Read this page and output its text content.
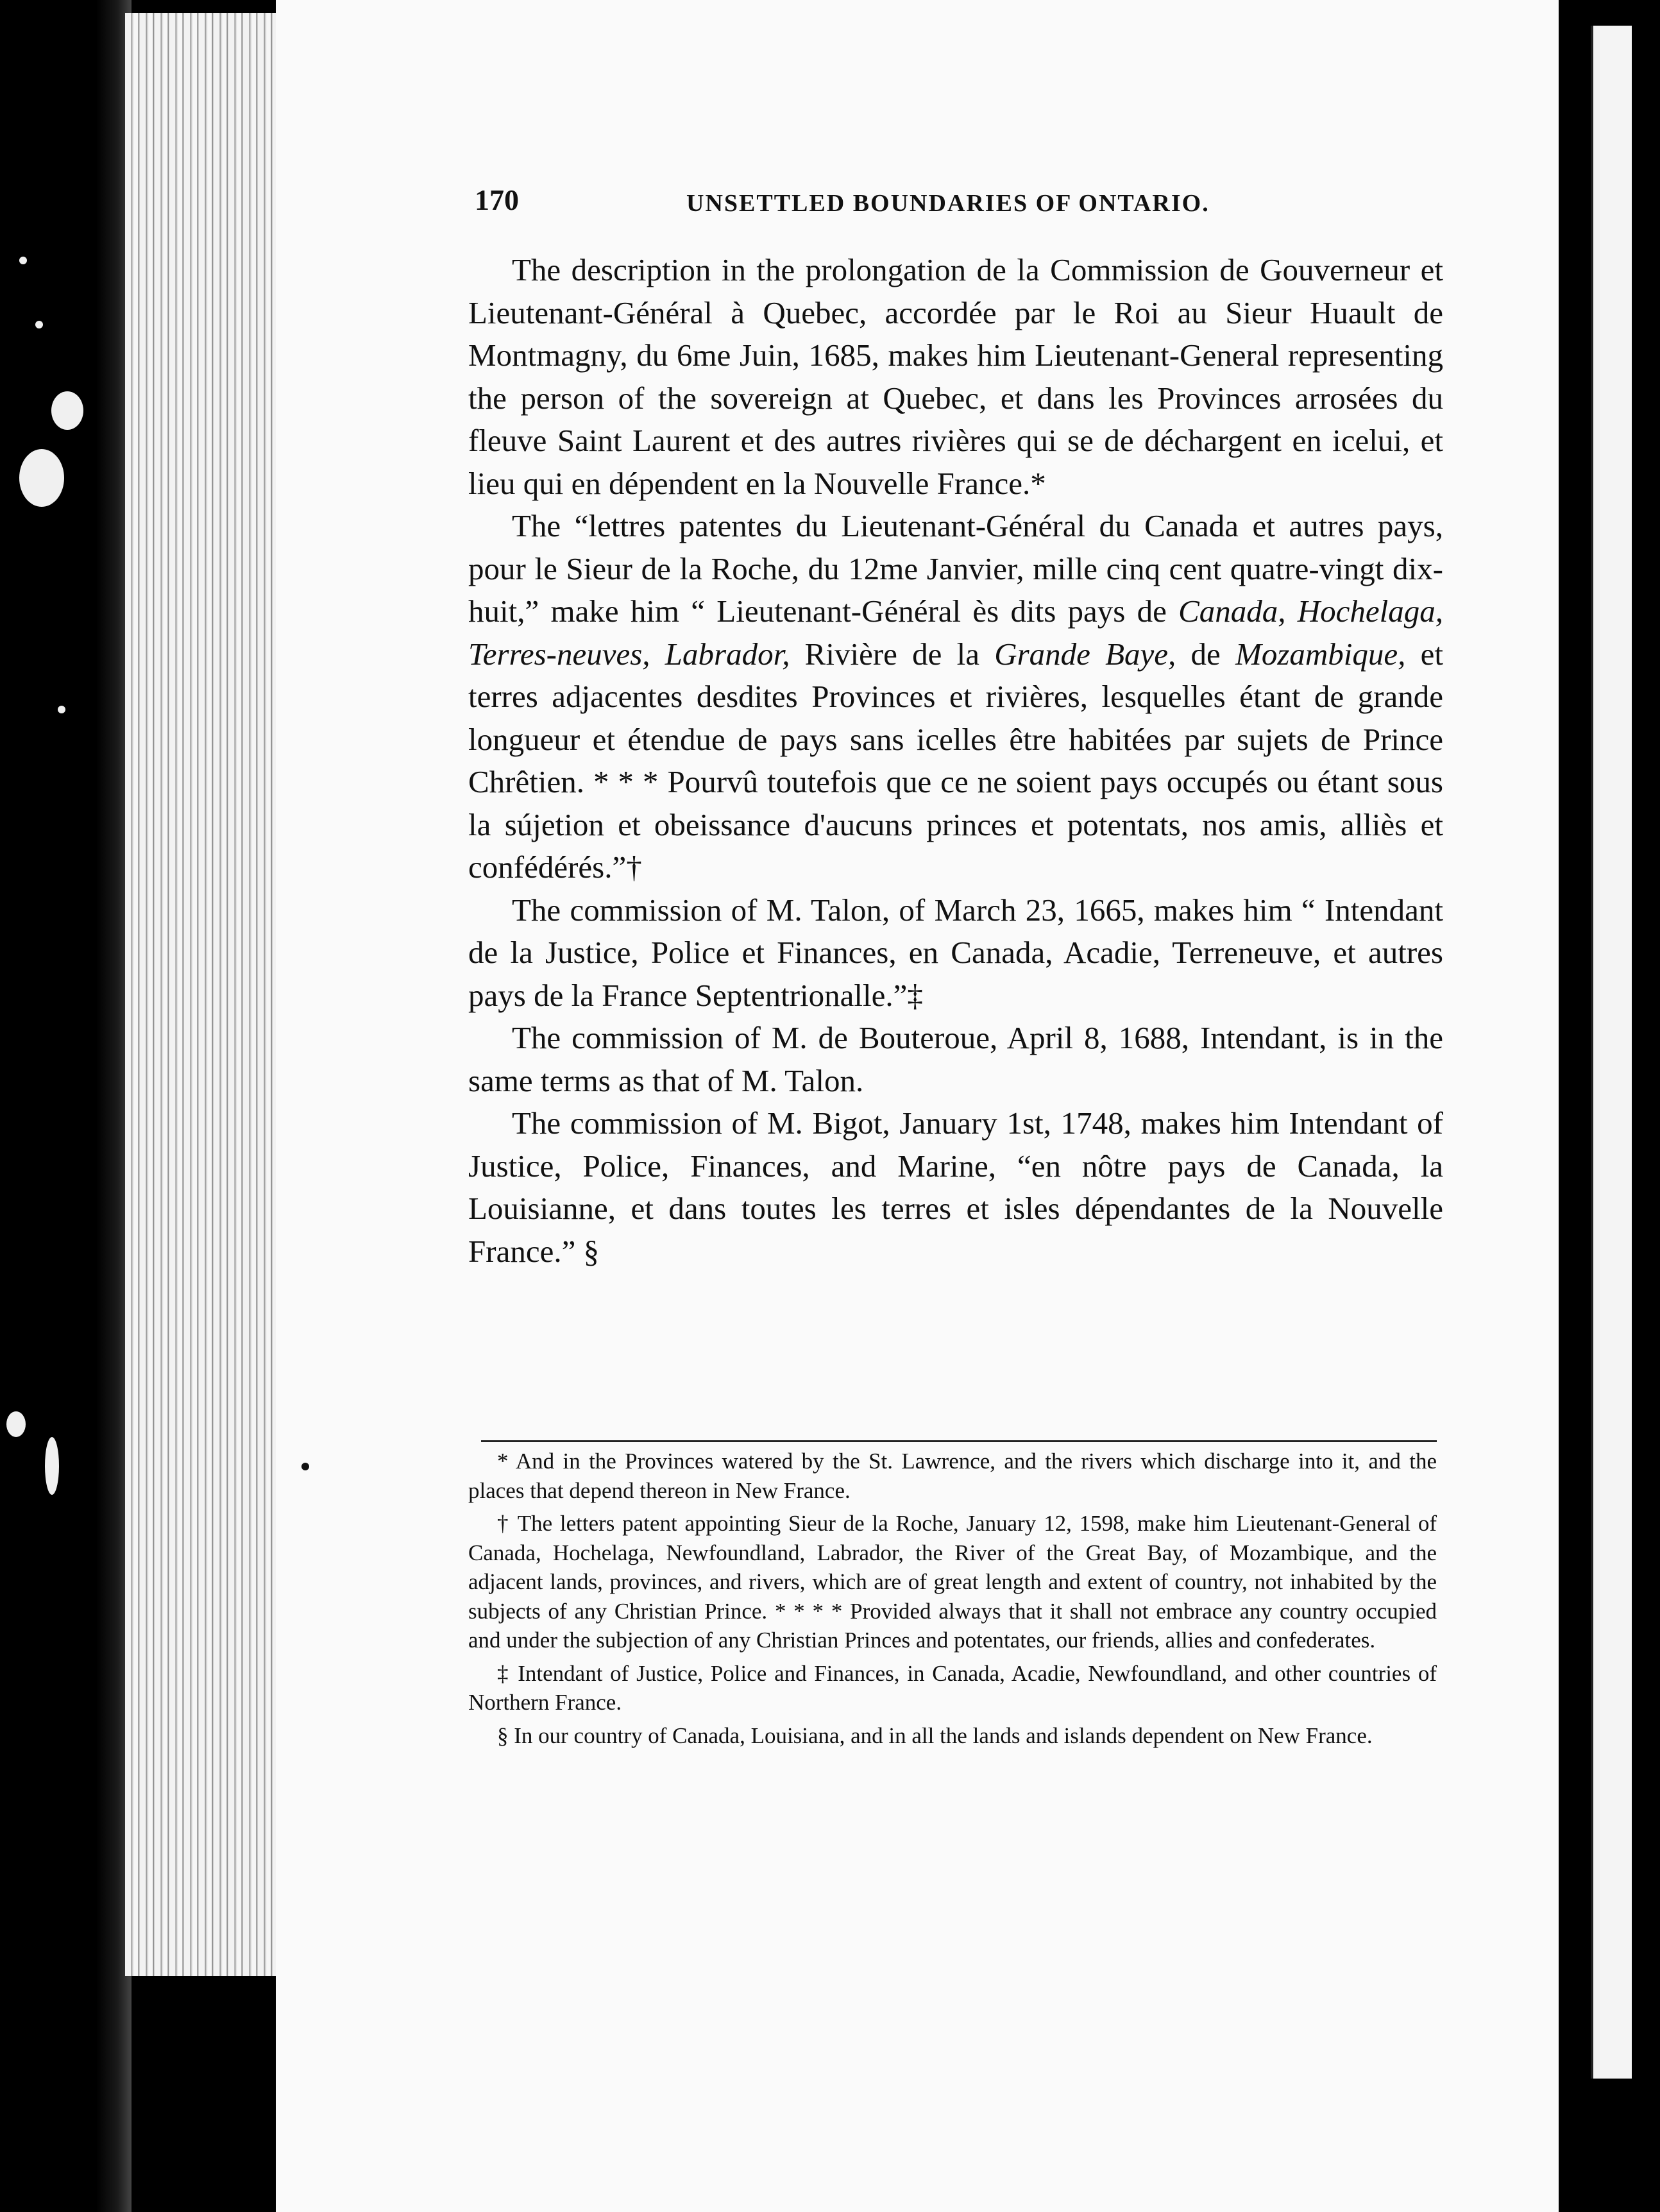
170	UNSETTLED BOUNDARIES OF ONTARIO.

The description in the prolongation de la Commission de Gouverneur et Lieutenant-Général à Quebec, accordée par le Roi au Sieur Huault de Montmagny, du 6me Juin, 1685, makes him Lieutenant-General representing the person of the sovereign at Quebec, et dans les Provinces arrosées du fleuve Saint Laurent et des autres rivières qui se de déchargent en icelui, et lieu qui en dépendent en la Nouvelle France.*

The “lettres patentes du Lieutenant-Général du Canada et autres pays, pour le Sieur de la Roche, du 12me Janvier, mille cinq cent quatre-vingt dix-huit,” make him “ Lieutenant-Général ès dits pays de Canada, Hochelaga, Terres-neuves, Labrador, Rivière de la Grande Baye, de Mozambique, et terres adjacentes desdites Provinces et rivières, lesquelles étant de grande longueur et étendue de pays sans icelles être habitées par sujets de Prince Chrêtien. * * * Pourvû toutefois que ce ne soient pays occupés ou étant sous la sújetion et obeissance d'aucuns princes et potentats, nos amis, alliès et confédérés.”†

The commission of M. Talon, of March 23, 1665, makes him “ Intendant de la Justice, Police et Finances, en Canada, Acadie, Terreneuve, et autres pays de la France Septentrionalle.”‡

The commission of M. de Bouteroue, April 8, 1688, Intendant, is in the same terms as that of M. Talon.

The commission of M. Bigot, January 1st, 1748, makes him Intendant of Justice, Police, Finances, and Marine, “en nôtre pays de Canada, la Louisianne, et dans toutes les terres et isles dépendantes de la Nouvelle France.” §

* And in the Provinces watered by the St. Lawrence, and the rivers which discharge into it, and the places that depend thereon in New France.

† The letters patent appointing Sieur de la Roche, January 12, 1598, make him Lieutenant-General of Canada, Hochelaga, Newfoundland, Labrador, the River of the Great Bay, of Mozambique, and the adjacent lands, provinces, and rivers, which are of great length and extent of country, not inhabited by the subjects of any Christian Prince. * * * * Provided always that it shall not embrace any country occupied and under the subjection of any Christian Princes and potentates, our friends, allies and confederates.

‡ Intendant of Justice, Police and Finances, in Canada, Acadie, Newfoundland, and other countries of Northern France.

§ In our country of Canada, Louisiana, and in all the lands and islands dependent on New France.
